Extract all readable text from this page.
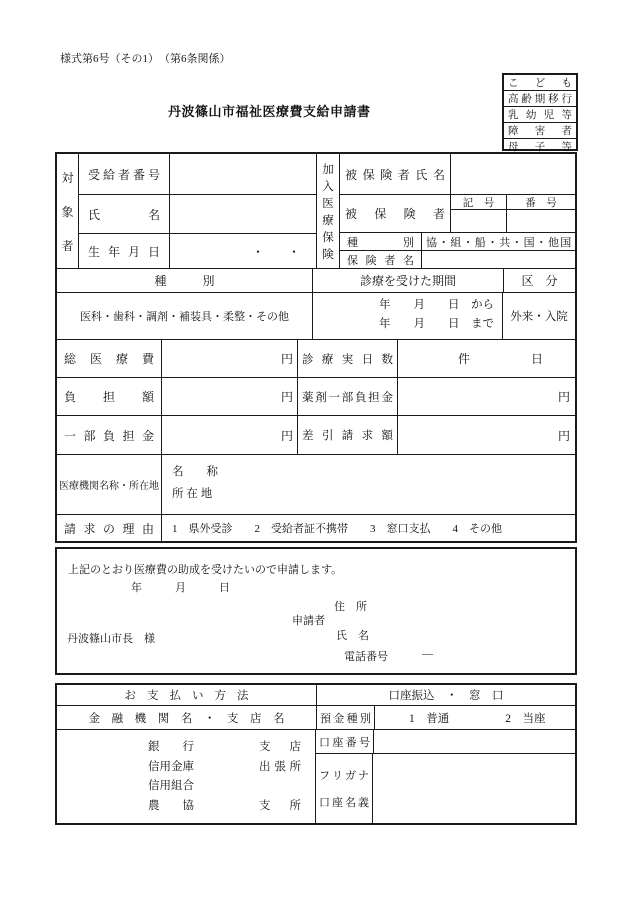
様式第6号（その1）　（第6条関係）
丹波篠山市福祉医療費支給申請書
こ ど も
高 齢 期 移 行
乳 幼 児 等
障 害 者
母 子 等
対
象
者
受 給 者 番 号
氏	名
生 年 月 日	・　　・
加
入
医
療
保
険
被 保 険 者 氏 名
被 保 険 者
記　号	番　号
種	別	協・組・船・共・国・他国
保 険 者 名
種　　　別	診療を受けた期間	区　分
医科・歯科・調剤・補装具・柔整・その他
年　　月　　日　から
年　　月　　日　まで
外来・入院
総 医 療 費	円 診 療 実 日 数	件	日
負 担 額	円 薬 剤 一 部 負 担 金	円
一 部 負 担 金	円 差 引 請 求 額	円
医療機関名称・所在地
名　　称
所 在 地
請 求 の 理 由	1　県外受診　　2　受給者証不携帯　　3　窓口支払　　4　その他
上記のとおり医療費の助成を受けたいので申請します。
年　　　月　　　日
住　所
申請者
氏　名
丹波篠山市長　様
電話番号	―
お 支 払 い 方 法	口座振込　・　窓　口
金 融 機 関 名 ・ 支 店 名	預 金 種 別	1　普通	2　当座
銀 行	支 店
信 用 金 庫	出 張 所
信 用 組 合
農 協	支 所
口 座 番 号
フ リ ガ ナ
口 座 名 義
